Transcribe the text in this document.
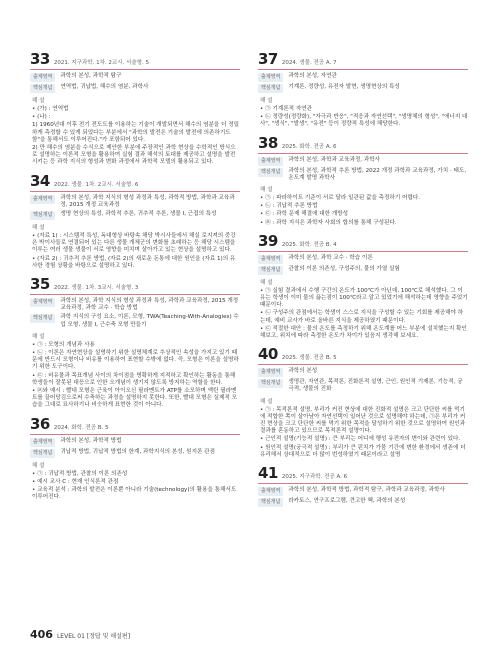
33 2021. 지구과학. 1차. 2교시. 서술형. 5
출제영역	과학의 본성, 과학적 탐구
핵심개념	연역법, 귀납법, 해수의 염분, 과학사
해 설
• (가) : 연역법
• (나) :
1) 1960년대 이후 전기 전도도를 이용하는 기술이 개발되면서 해수의 염분을 더 정밀하게 측정할 수 있게 되었다는 부분에서 "과학의 발전은 기술의 발전에 의존하기도 함"을 통해서도 이루어진다."가 포함되어 있다.
2) 만 해수의 염분을 수식으로 제안한 부분에 주장적인 과학 현상을 수학적인 방식으로 설명하는 이론적 모형을 활용하여 실험 결과 해석의 토대를 제공하고 설명을 발전시키는 등 과학 지식의 형성과 변화 과정에서 과학적 모델의 활용되고 있다.
34 2022. 생물. 1차. 2교시. 서술형. 6
출제영역	과학의 본성, 과학 지식의 형성 과정과 특성, 과학적 방법, 과학과 교육과정, 2015 개정 교육과정
핵심개념	생명 현상의 특성, 과학적 추론, 귀추적 추론, 생물 Ⅰ, 근접의 특성
해 설
• (자료 1) : 시스템적 특성, 독대형상 바탕속 해당 박시사들에서 해실 로지져의 중강은 박이사들로 연결되어 있는 다른 생물 개체군의 변화를 초래하는 등 해당 시스템을 이루는 여러 생물 생물이 서로 영향을 미치며 살아가고 있는 현상을 설명하고 있다.
• (자료 2) : 귀추적 추론 방법, (자료 2)의 새로운 돈통에 대한 원인을 (자료 1)의 유사한 경험 상황을 바탕으로 설명하고 있다.
35 2022. 생물. 1차. 3교시. 서술형. 3
출제영역	과학의 본성, 과학 지식의 형성 과정과 특성, 과학과 교육과정, 2015 개정 교육과정, 과학 교수 · 학습 방법
핵심개념	과학 지식의 구성 요소, 이론, 모형, TWA(Teaching-With-Analogies) 수업 모형, 생물 Ⅰ, 근수축 모형 만들기
해 설
• ㉠ : 모형의 개념과 사용
• ㉡ : 이론은 자연현상을 설명하기 위한 설명체계로 추상적인 속성을 가지고 있기 때문에 반드시 모형이나 비유를 이용하여 표현할 수밖에 없다. 즉, 모형은 이론을 설명하기 위한 도구이다.
• ㉢ : 비유물과 목표개념 사이의 차이점을 명확하게 지적하고 확인하는 활동을 통해 학생들이 잘못된 대응으로 인한 오개념이 생기지 않도록 방지하는 역할을 한다.
• ㉣와 예시 : 빨대 모형은 근육이 아이오신 필라멘트가 ATP를 소모하며 액틴 필라멘트를 끌어당김으로써 수축하는 과정을 설명하지 못한다. 또한, 빨대 모형은 실제적 모습을 그대로 묘사하기나 비슷하게 표현한 것이 아니다.
36 2024. 화학. 전공 B. 5
출제영역	과학의 본성, 과학적 방법
핵심개념	귀납적 방법, 귀납적 방법의 한계, 과학지식의 본성, 원지론 관점
해 설
• ㉠ : 귀납적 방법, 관찰의 이론 의존성
• 예시 교사 C : 현재 인식론적 관점
• 교육적 분석 : 과학의 발전은 이론뿐 아니라 기술(technology)의 활용을 통해서도 이루어진다.
37 2024. 생물. 전공 A. 7
출제영역	과학의 본성, 자연관
핵심개념	기계론, 정량성, 유전자 발현, 생명현상의 특성
해 설
• ㉠ 기계론적 자연관
• ㉡ 정량성(정량화), "자극과 반응", "적응과 자연선택", "생명체의 형성", "에너지 대사", "생식", "발생", "유전" 등이 정량적 특성에 해당한다.
38 2025. 화학. 전공 A. 6
출제영역	과학의 본성, 과학과 교육과정, 과학사
핵심개념	과학의 본성, 과학적 추론 방법, 2022 개정 과학과 교육과정, 가치 · 태도, 온도계 발명 과학사
해 설
• ㉠ : 파라하이트 기준이 서로 달라 일관된 값을 측정하기 어렵다.
• ㉡ : 귀납적 추론 방법
• ㉢ : 과학 문제 해결에 대한 개방성
• ㉣ : 과학 지식은 과학자 사회의 합의를 통해 구성된다.
39 2025. 화학. 전공 B. 4
출제영역	과학의 본성, 과학 교수 · 학습 이론
핵심개념	관찰의 이론 의존성, 구성주의, 물의 가열 실험
해 설
• ㉠ 실험 결과에서 수행 구간의 온도가 100℃가 아닌데, 100℃로 해석했다. 그 이유는 학생이 이미 물의 끓는점이 100℃라고 알고 있었기에 해석하는데 영향을 주었기 때문이다.
• ㉡ 구성주의 관점에서는 학생이 스스로 지식을 구성할 수 있는 기회를 제공해야 하는데, 예비 교사가 바로 올바른 지식을 제공하였기 때문이다.
• ㉢ 적절한 대안 : 물의 온도를 측정하기 위해 온도계를 어느 부분에 설치했는지 확인해보고, 위치에 따라 측정한 온도가 차이가 있음지 생각해 보세요.
40 2025. 생물. 전공 B. 5
출제영역	과학의 본성
핵심개념	생명관, 자연관, 목적론, 진화론적 설명, 근인, 원인적 기제론, 기능적, 궁극적, 생물의 진화
해 설
• ㉠ : 목적론적 설명, 부리가 커진 현상에 대한 진화적 설명은 크고 단단한 씨를 먹기에 적합한 쪽이 살아남아 자연선택이 일어난 것으로 설명해야 하는데, ㉠은 부리가 커진 현상을 크고 단단한 씨를 먹기 위한 목적을 달성하기 위한 것으로 설명하여 원인과 결과를 혼동하고 있으므로 목적론적 설명이다.
• 근인적 설명(기능적 설명) : 큰 부리는 어디에 행성 유전자의 변이와 관련이 있다.
• 원인적 설명(궁극적 설명) : 부리가 큰 핀치가 가뭄 기간에 변한 환경에서 생존에 더 유리해서 상대적으로 더 많이 번성하였기 때문이라고 설명
41 2025. 지구과학. 전공 A. 6
출제영역	과학의 본성, 과학적 방법, 과학적 탐구, 과학과 교육과정, 과학사
핵심개념	라카토스, 연구프로그램, 견고한 핵, 과학의 본성
406 LEVEL 01 [정답 및 해설편]
